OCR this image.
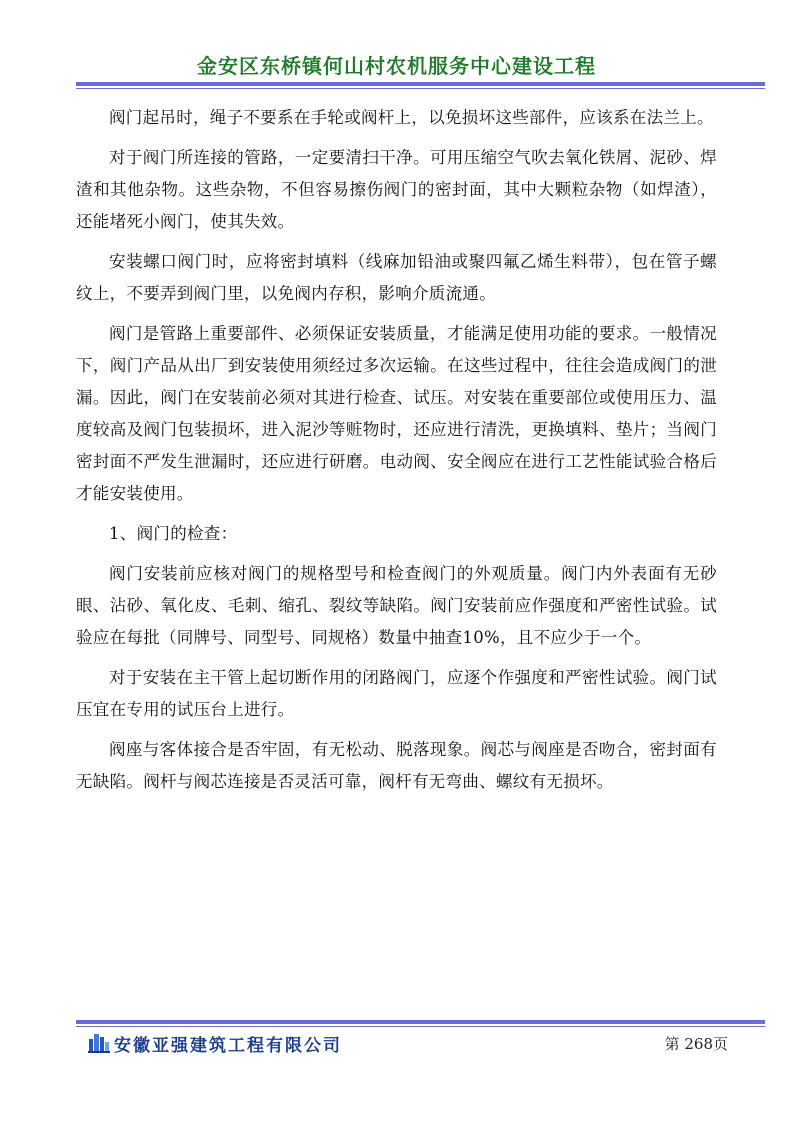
金安区东桥镇何山村农机服务中心建设工程

阀门起吊时，绳子不要系在手轮或阀杆上，以免损坏这些部件，应该系在法兰上。

对于阀门所连接的管路，一定要清扫干净。可用压缩空气吹去氧化铁屑、泥砂、焊渣和其他杂物。这些杂物，不但容易擦伤阀门的密封面，其中大颗粒杂物（如焊渣），还能堵死小阀门，使其失效。

安装螺口阀门时，应将密封填料（线麻加铅油或聚四氟乙烯生料带），包在管子螺纹上，不要弄到阀门里，以免阀内存积，影响介质流通。

阀门是管路上重要部件、必须保证安装质量，才能满足使用功能的要求。一般情况下，阀门产品从出厂到安装使用须经过多次运输。在这些过程中，往往会造成阀门的泄漏。因此，阀门在安装前必须对其进行检查、试压。对安装在重要部位或使用压力、温度较高及阀门包装损坏，进入泥沙等赃物时，还应进行清洗，更换填料、垫片；当阀门密封面不严发生泄漏时，还应进行研磨。电动阀、安全阀应在进行工艺性能试验合格后才能安装使用。

1、阀门的检查：

阀门安装前应核对阀门的规格型号和检查阀门的外观质量。阀门内外表面有无砂眼、沾砂、氧化皮、毛刺、缩孔、裂纹等缺陷。阀门安装前应作强度和严密性试验。试验应在每批（同牌号、同型号、同规格）数量中抽查10%，且不应少于一个。

对于安装在主干管上起切断作用的闭路阀门，应逐个作强度和严密性试验。阀门试压宜在专用的试压台上进行。

阀座与客体接合是否牢固，有无松动、脱落现象。阀芯与阀座是否吻合，密封面有无缺陷。阀杆与阀芯连接是否灵活可靠，阀杆有无弯曲、螺纹有无损坏。

安徽亚强建筑工程有限公司	第 268页
